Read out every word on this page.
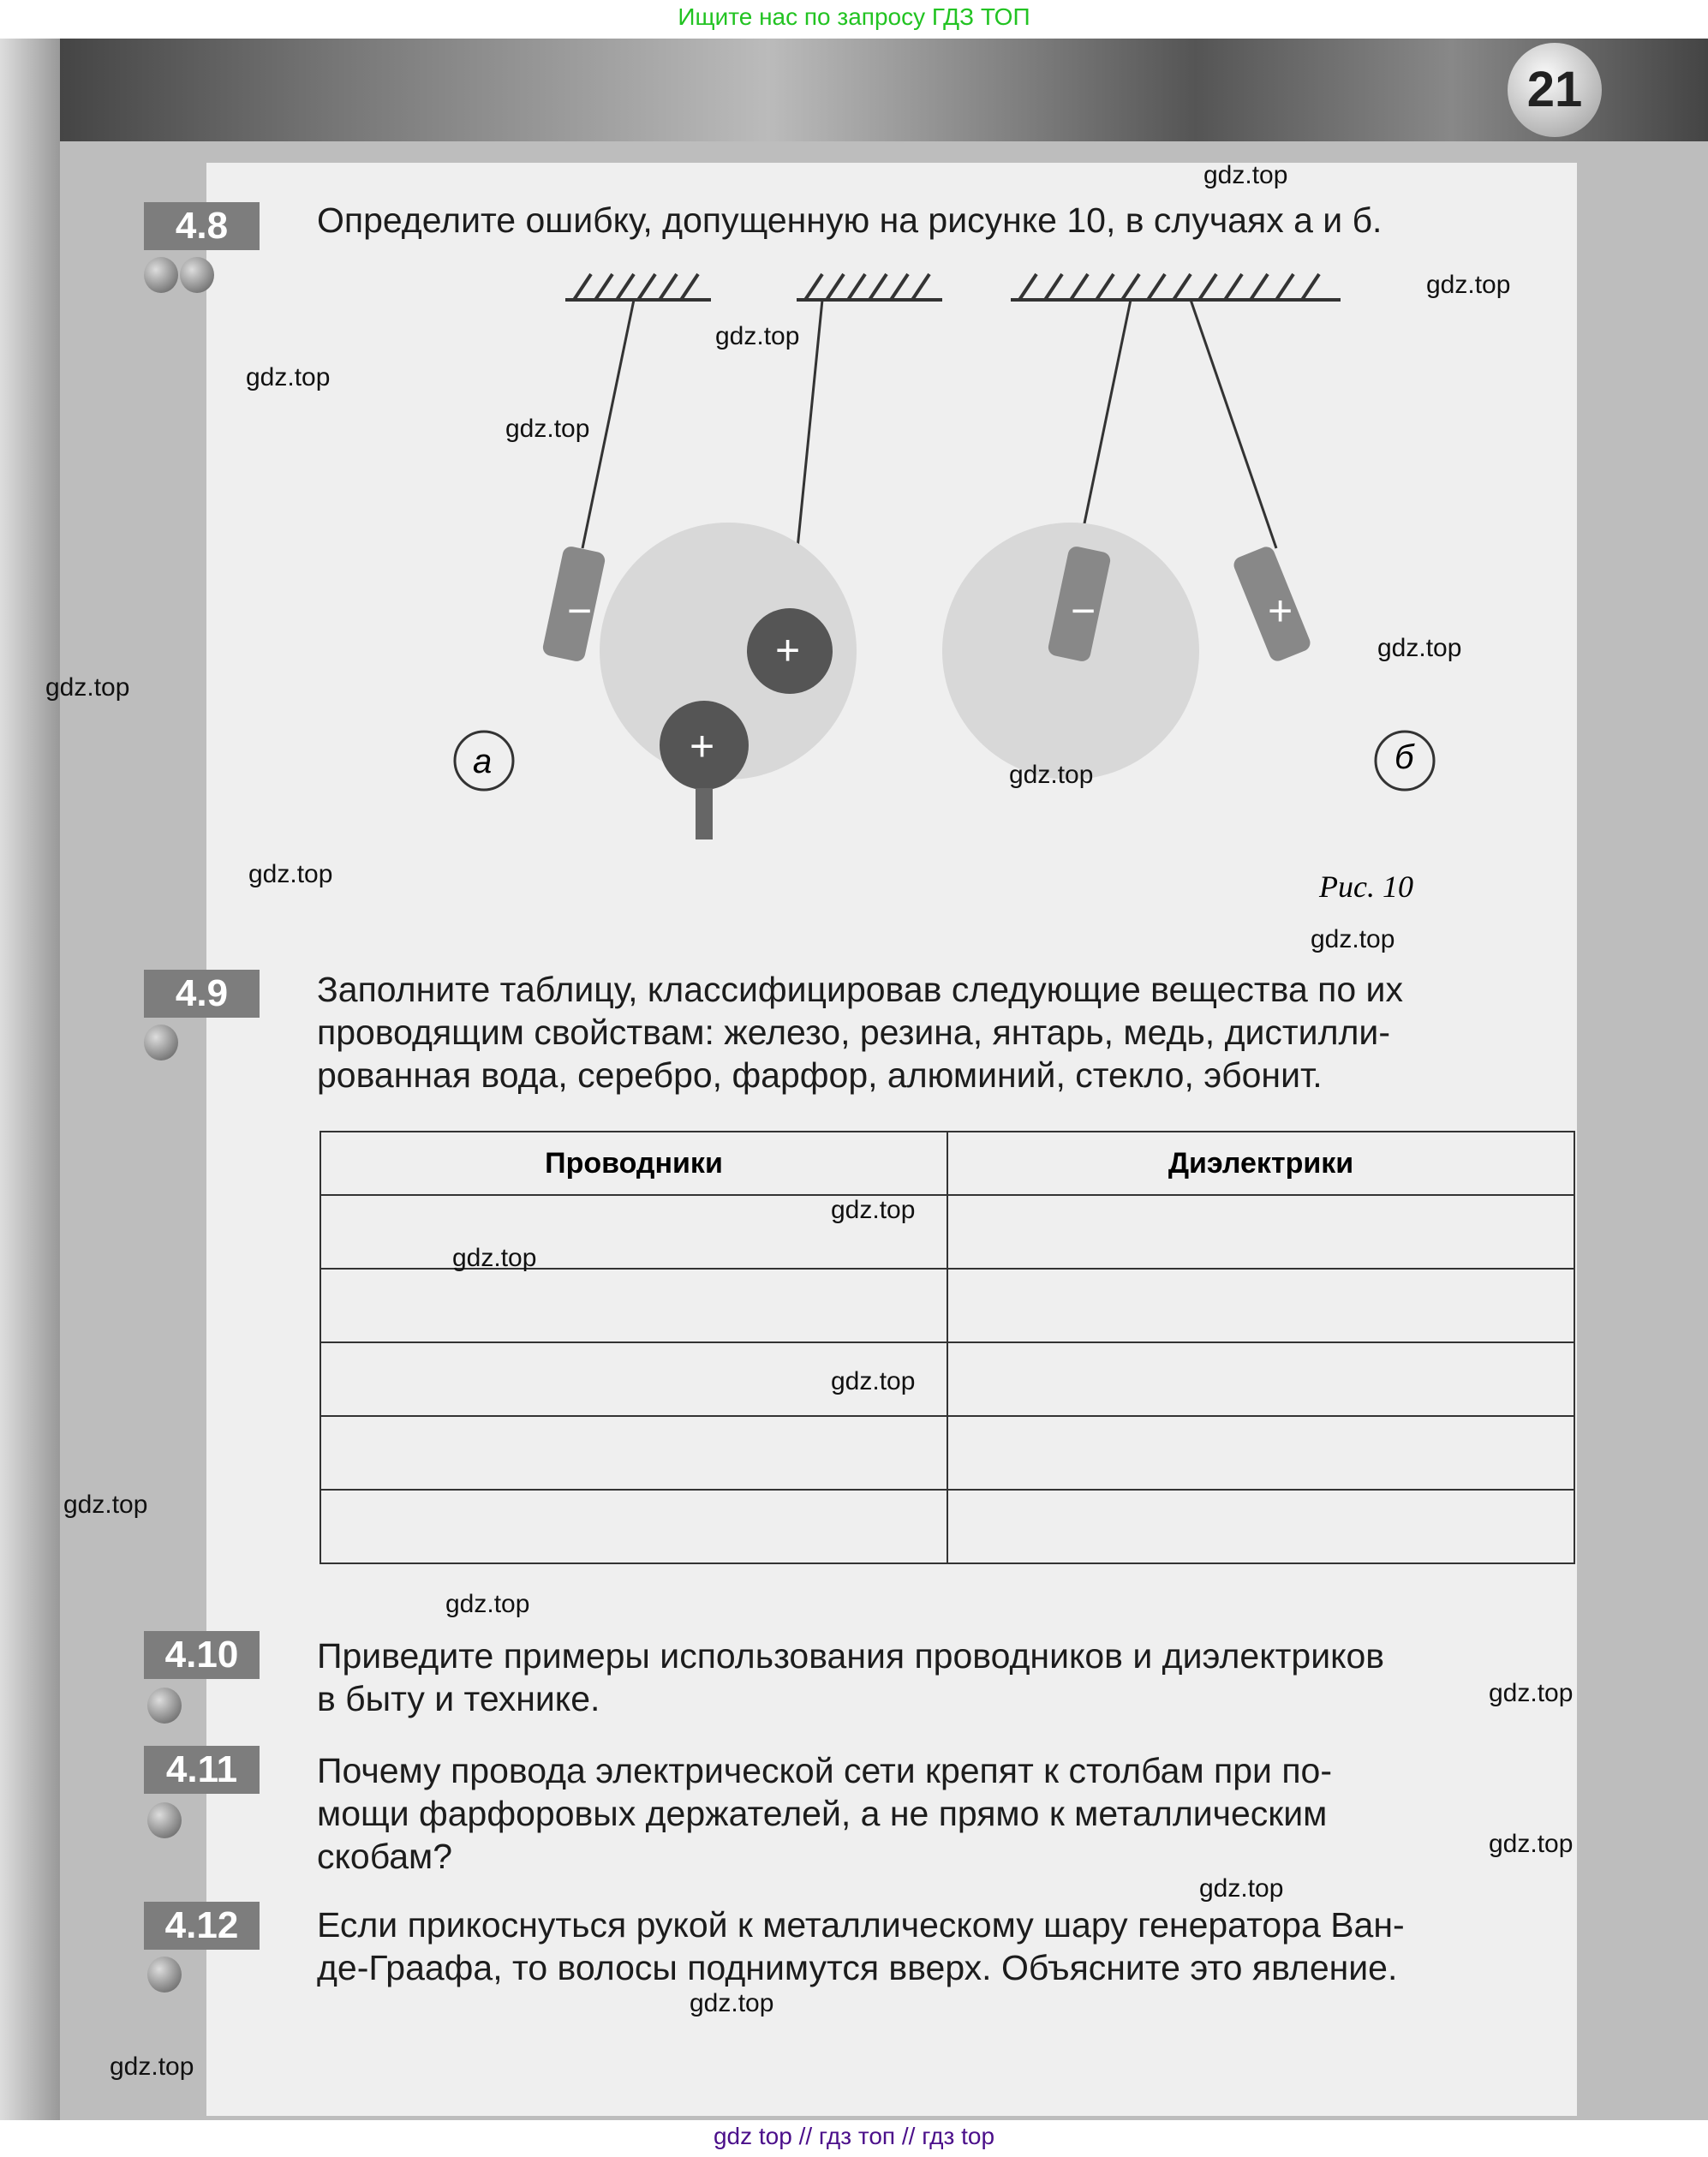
Ищите нас по запросу ГДЗ ТОП
21
4.8	Определите ошибку, допущенную на рисунке 10, в случаях а и б.
−	−	+
+
+
а	б
Рис. 10
4.9	Заполните таблицу, классифицировав следующие вещества по их
проводящим свойствам: железо, резина, янтарь, медь, дистилли-
рованная вода, серебро, фарфор, алюминий, стекло, эбонит.
Проводники	Диэлектрики

4.10	Приведите примеры использования проводников и диэлектриков
в быту и технике.
4.11	Почему провода электрической сети крепят к столбам при по-
мощи фарфоровых держателей, а не прямо к металлическим
скобам?
4.12	Если прикоснуться рукой к металлическому шару генератора Ван-
де-Граафа, то волосы поднимутся вверх. Объясните это явление.
gdz.top
gdz.top
gdz.top
gdz.top
gdz.top
gdz.top
gdz.top
gdz.top
gdz.top
gdz.top
gdz.top
gdz.top
gdz.top
gdz.top
gdz.top
gdz.top
gdz.top
gdz.top
gdz.top
gdz.top
gdz top // гдз топ // гдз top
